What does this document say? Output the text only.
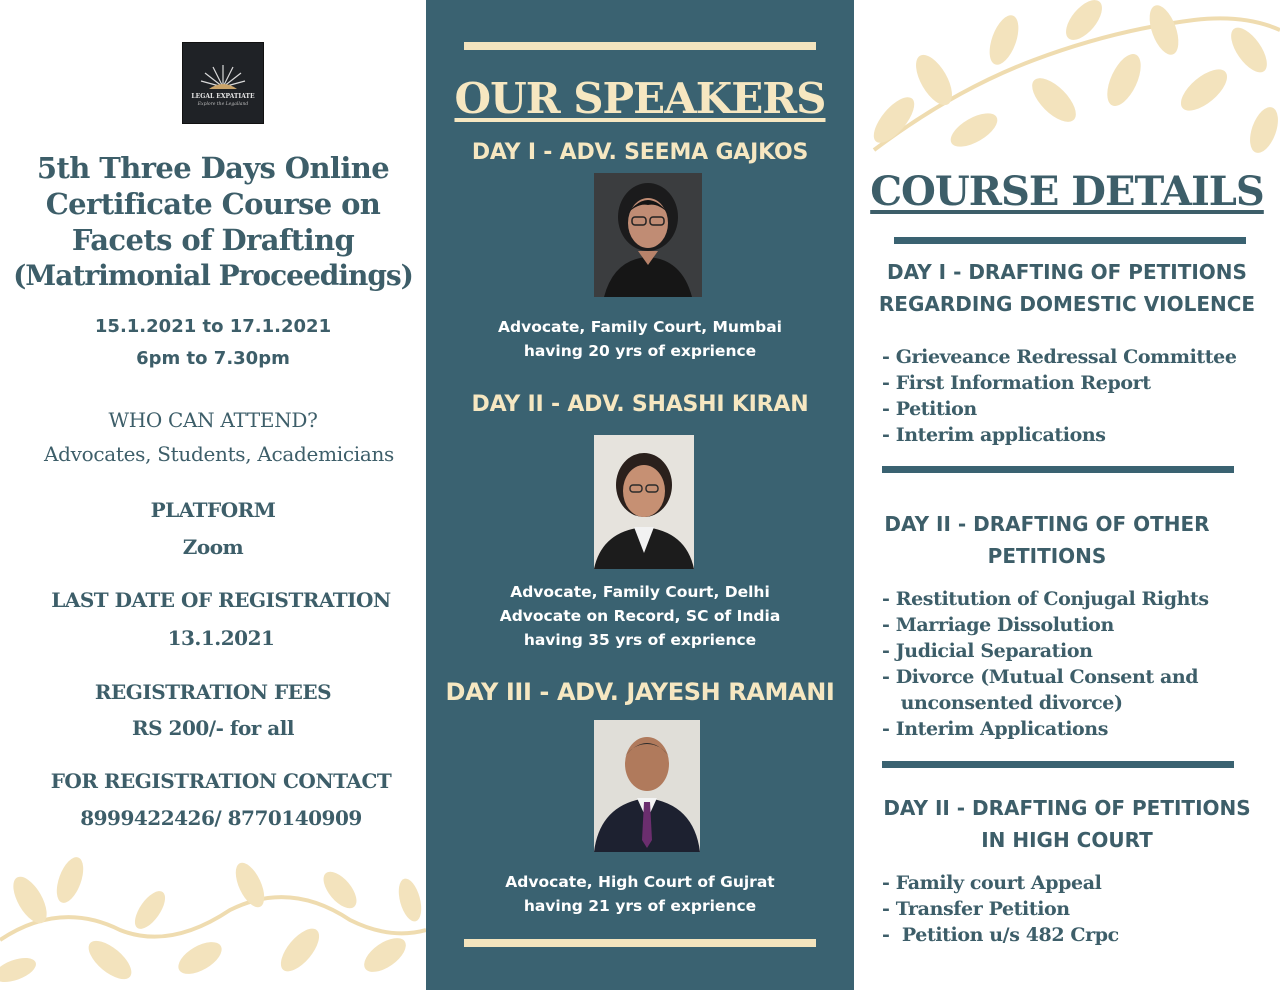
LEGAL EXPATIATE
Explore the Legalland
5th Three Days Online
Certificate Course on
Facets of Drafting
(Matrimonial Proceedings)
15.1.2021 to 17.1.2021
6pm to 7.30pm
WHO CAN ATTEND?
Advocates, Students, Academicians
PLATFORM
Zoom
LAST DATE OF REGISTRATION
13.1.2021
REGISTRATION FEES
RS 200/- for all
FOR REGISTRATION CONTACT
8999422426/ 8770140909
OUR SPEAKERS
DAY I - ADV. SEEMA GAJKOS
Advocate, Family Court, Mumbai
having 20 yrs of exprience
DAY II - ADV. SHASHI KIRAN
Advocate, Family Court, Delhi
Advocate on Record, SC of India
having 35 yrs of exprience
DAY III - ADV. JAYESH RAMANI
Advocate, High Court of Gujrat
having 21 yrs of exprience
COURSE DETAILS
DAY I - DRAFTING OF PETITIONS
REGARDING DOMESTIC VIOLENCE
- Grieveance Redressal Committee
- First Information Report
- Petition
- Interim applications
DAY II - DRAFTING OF OTHER
PETITIONS
- Restitution of Conjugal Rights
- Marriage Dissolution
- Judicial Separation
- Divorce (Mutual Consent and
unconsented divorce)
- Interim Applications
DAY II - DRAFTING OF PETITIONS
IN HIGH COURT
- Family court Appeal
- Transfer Petition
-  Petition u/s 482 Crpc
